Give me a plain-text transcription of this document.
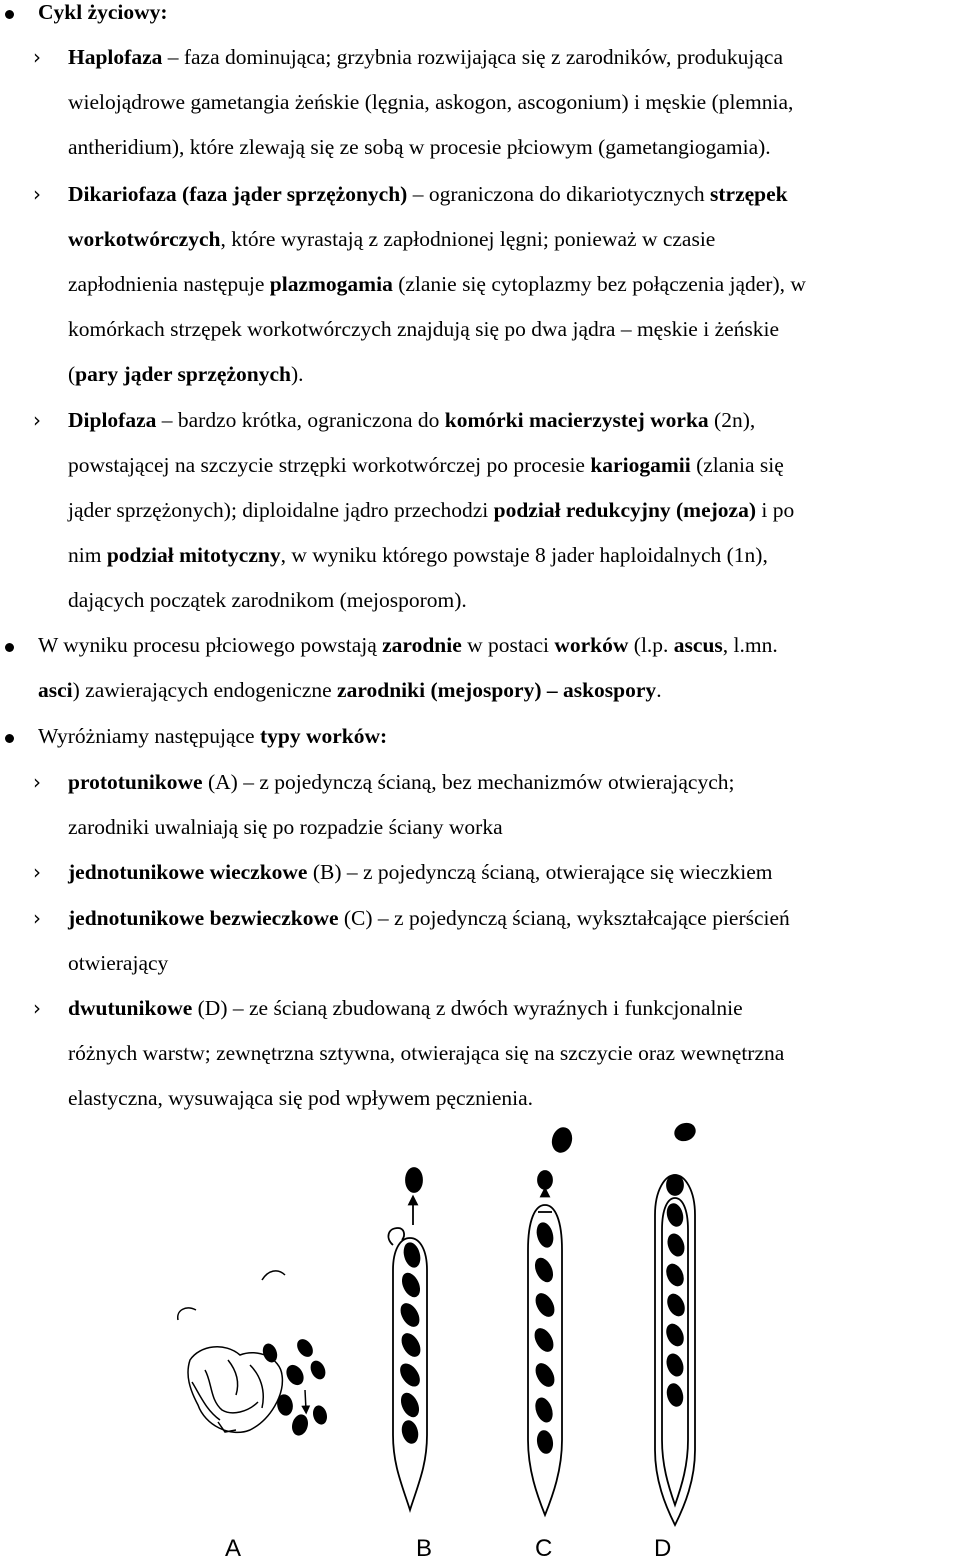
Cykl życiowy:
› Haplofaza – faza dominująca; grzybnia rozwijająca się z zarodników, produkująca
wielojądrowe gametangia żeńskie (lęgnia, askogon, ascogonium) i męskie (plemnia,
antheridium), które zlewają się ze sobą w procesie płciowym (gametangiogamia).
› Dikariofaza (faza jąder sprzężonych) – ograniczona do dikariotycznych strzępek
workotwórczych, które wyrastają z zapłodnionej lęgni; ponieważ w czasie
zapłodnienia następuje plazmogamia (zlanie się cytoplazmy bez połączenia jąder), w
komórkach strzępek workotwórczych znajdują się po dwa jądra – męskie i żeńskie
(pary jąder sprzężonych).
› Diplofaza – bardzo krótka, ograniczona do komórki macierzystej worka (2n),
powstającej na szczycie strzępki workotwórczej po procesie kariogamii (zlania się
jąder sprzężonych); diploidalne jądro przechodzi podział redukcyjny (mejoza) i po
nim podział mitotyczny, w wyniku którego powstaje 8 jader haploidalnych (1n),
dających początek zarodnikom (mejosporom).
W wyniku procesu płciowego powstają zarodnie w postaci worków (l.p. ascus, l.mn.
asci) zawierających endogeniczne zarodniki (mejospory) – askospory.
Wyróżniamy następujące typy worków:
› prototunikowe (A) – z pojedynczą ścianą, bez mechanizmów otwierających;
zarodniki uwalniają się po rozpadzie ściany worka
› jednotunikowe wieczkowe (B) – z pojedynczą ścianą, otwierające się wieczkiem
› jednotunikowe bezwieczkowe (C) – z pojedynczą ścianą, wykształcające pierścień
otwierający
› dwutunikowe (D) – ze ścianą zbudowaną z dwóch wyraźnych i funkcjonalnie
różnych warstw; zewnętrzna sztywna, otwierająca się na szczycie oraz wewnętrzna
elastyczna, wysuwająca się pod wpływem pęcznienia.
A	B	C	D
